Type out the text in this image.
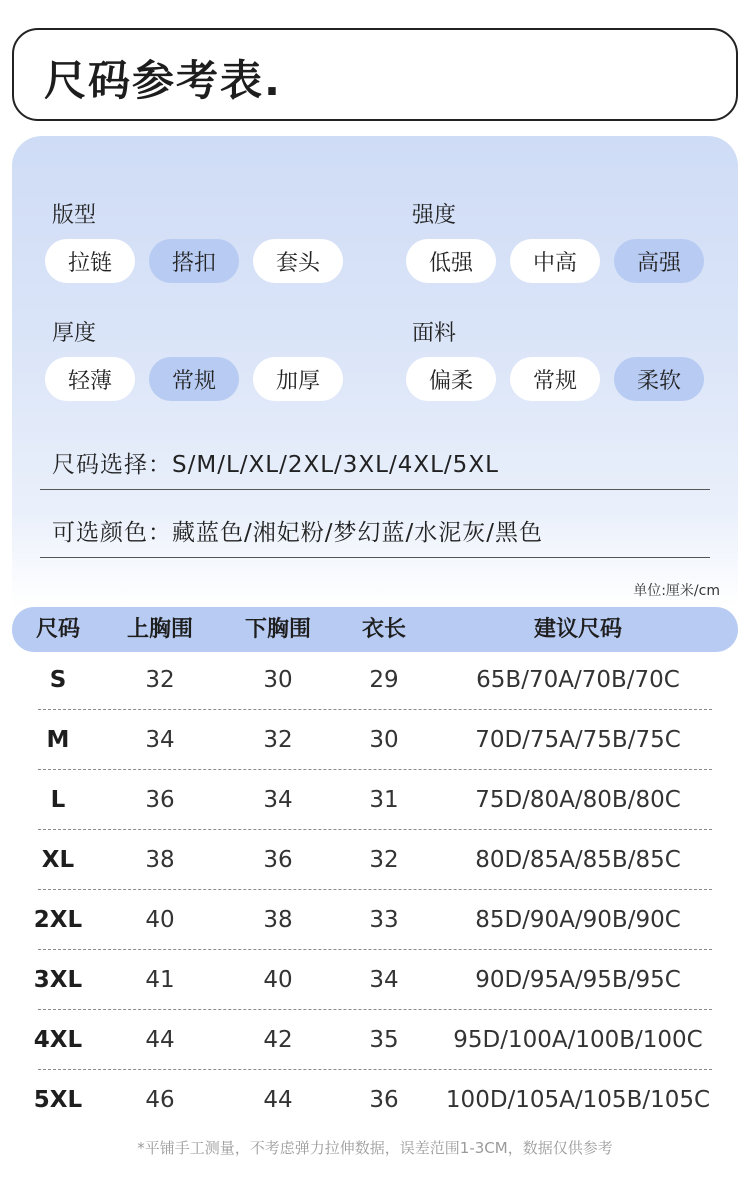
尺码参考表.
版型
拉链	搭扣	套头
强度
低强	中高	高强
厚度
轻薄	常规	加厚
面料
偏柔	常规	柔软
尺码选择：S/M/L/XL/2XL/3XL/4XL/5XL
可选颜色：藏蓝色/湘妃粉/梦幻蓝/水泥灰/黑色
单位:厘米/cm
尺码	上胸围	下胸围	衣长	建议尺码
S	32	30	29	65B/70A/70B/70C
M	34	32	30	70D/75A/75B/75C
L	36	34	31	75D/80A/80B/80C
XL	38	36	32	80D/85A/85B/85C
2XL	40	38	33	85D/90A/90B/90C
3XL	41	40	34	90D/95A/95B/95C
4XL	44	42	35	95D/100A/100B/100C
5XL	46	44	36	100D/105A/105B/105C
*平铺手工测量，不考虑弹力拉伸数据，误差范围1-3CM，数据仅供参考
